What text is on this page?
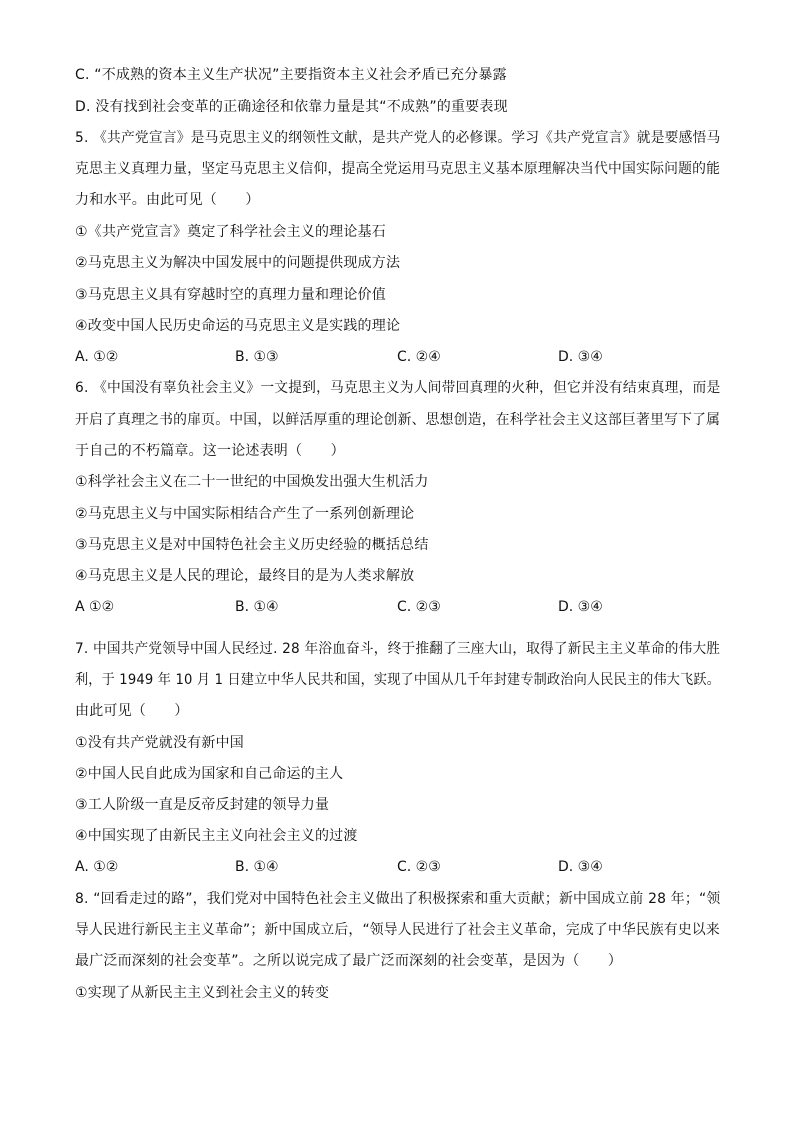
C. “不成熟的资本主义生产状况”主要指资本主义社会矛盾已充分暴露
D. 没有找到社会变革的正确途径和依靠力量是其“不成熟”的重要表现
5. 《共产党宣言》是马克思主义的纲领性文献，是共产党人的必修课。学习《共产党宣言》就是要感悟马
克思主义真理力量，坚定马克思主义信仰，提高全党运用马克思主义基本原理解决当代中国实际问题的能
力和水平。由此可见（　　）
①《共产党宣言》奠定了科学社会主义的理论基石
②马克思主义为解决中国发展中的问题提供现成方法
③马克思主义具有穿越时空的真理力量和理论价值
④改变中国人民历史命运的马克思主义是实践的理论
A. ①②	B. ①③	C. ②④	D. ③④
6. 《中国没有辜负社会主义》一文提到，马克思主义为人间带回真理的火种，但它并没有结束真理，而是
开启了真理之书的扉页。中国，以鲜活厚重的理论创新、思想创造，在科学社会主义这部巨著里写下了属
于自己的不朽篇章。这一论述表明（　　）
①科学社会主义在二十一世纪的中国焕发出强大生机活力
②马克思主义与中国实际相结合产生了一系列创新理论
③马克思主义是对中国特色社会主义历史经验的概括总结
④马克思主义是人民的理论，最终目的是为人类求解放
A ①②	B. ①④	C. ②③	D. ③④
7. 中国共产党领导中国人民经过. 28 年浴血奋斗，终于推翻了三座大山，取得了新民主主义革命的伟大胜
利，于 1949 年 10 月 1 日建立中华人民共和国，实现了中国从几千年封建专制政治向人民民主的伟大飞跃。
由此可见（　　）
①没有共产党就没有新中国
②中国人民自此成为国家和自己命运的主人
③工人阶级一直是反帝反封建的领导力量
④中国实现了由新民主主义向社会主义的过渡
A. ①②	B. ①④	C. ②③	D. ③④
8. “回看走过的路”，我们党对中国特色社会主义做出了积极探索和重大贡献；新中国成立前 28 年；“领
导人民进行新民主主义革命”；新中国成立后，“领导人民进行了社会主义革命，完成了中华民族有史以来
最广泛而深刻的社会变革”。之所以说完成了最广泛而深刻的社会变革，是因为（　　）
①实现了从新民主主义到社会主义的转变
